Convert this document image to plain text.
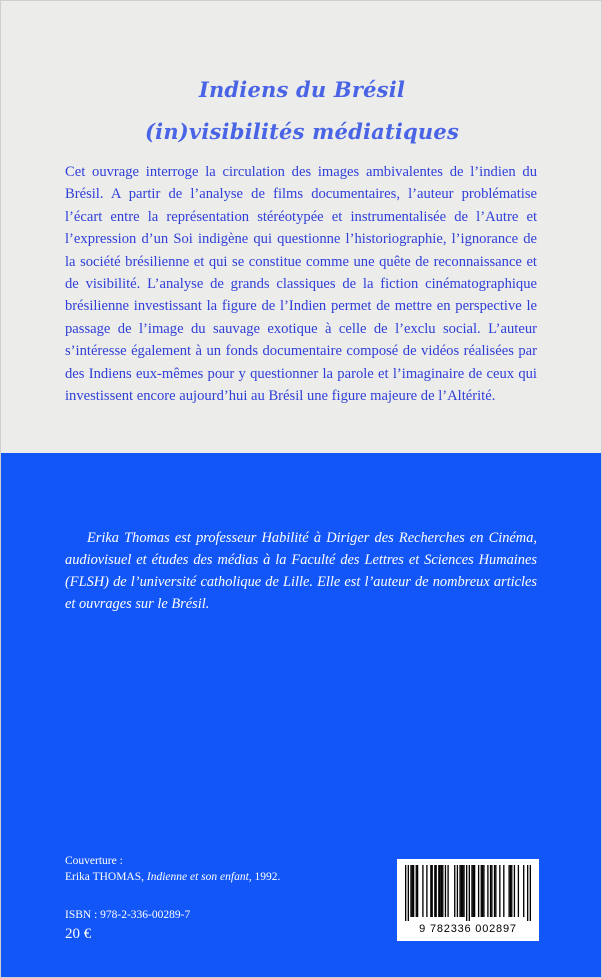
Indiens du Brésil
(in)visibilités médiatiques

Cet ouvrage interroge la circulation des images ambivalentes de l’indien du Brésil. A partir de l’analyse de films documentaires, l’auteur problématise l’écart entre la représentation stéréotypée et instrumentalisée de l’Autre et l’expression d’un Soi indigène qui questionne l’historiographie, l’ignorance de la société brésilienne et qui se constitue comme une quête de reconnaissance et de visibilité. L’analyse de grands classiques de la fiction cinématographique brésilienne investissant la figure de l’Indien permet de mettre en perspective le passage de l’image du sauvage exotique à celle de l’exclu social. L’auteur s’intéresse également à un fonds documentaire composé de vidéos réalisées par des Indiens eux-mêmes pour y questionner la parole et l’imaginaire de ceux qui investissent encore aujourd’hui au Brésil une figure majeure de l’Altérité.

Erika Thomas est professeur Habilité à Diriger des Recherches en Cinéma, audiovisuel et études des médias à la Faculté des Lettres et Sciences Humaines (FLSH) de l’université catholique de Lille. Elle est l’auteur de nombreux articles et ouvrages sur le Brésil.

Couverture :
Erika THOMAS, Indienne et son enfant, 1992.
ISBN : 978-2-336-00289-7
20 €	9 782336 002897
